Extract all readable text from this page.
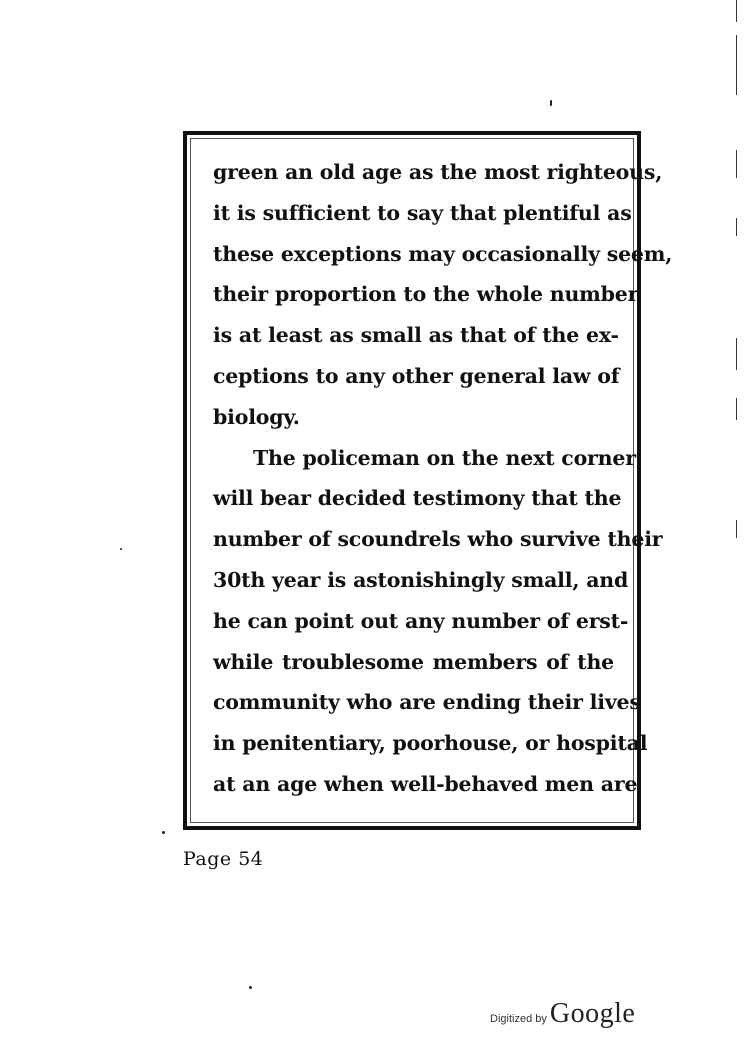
green an old age as the most righteous,
it is sufficient to say that plentiful as
these exceptions may occasionally seem,
their proportion to the whole number
is at least as small as that of the ex-
ceptions to any other general law of
biology.
The policeman on the next corner
will bear decided testimony that the
number of scoundrels who survive their
30th year is astonishingly small, and
he can point out any number of erst-
while troublesome members of the
community who are ending their lives
in penitentiary, poorhouse, or hospital
at an age when well-behaved men are
Page 54
Digitized by Google
